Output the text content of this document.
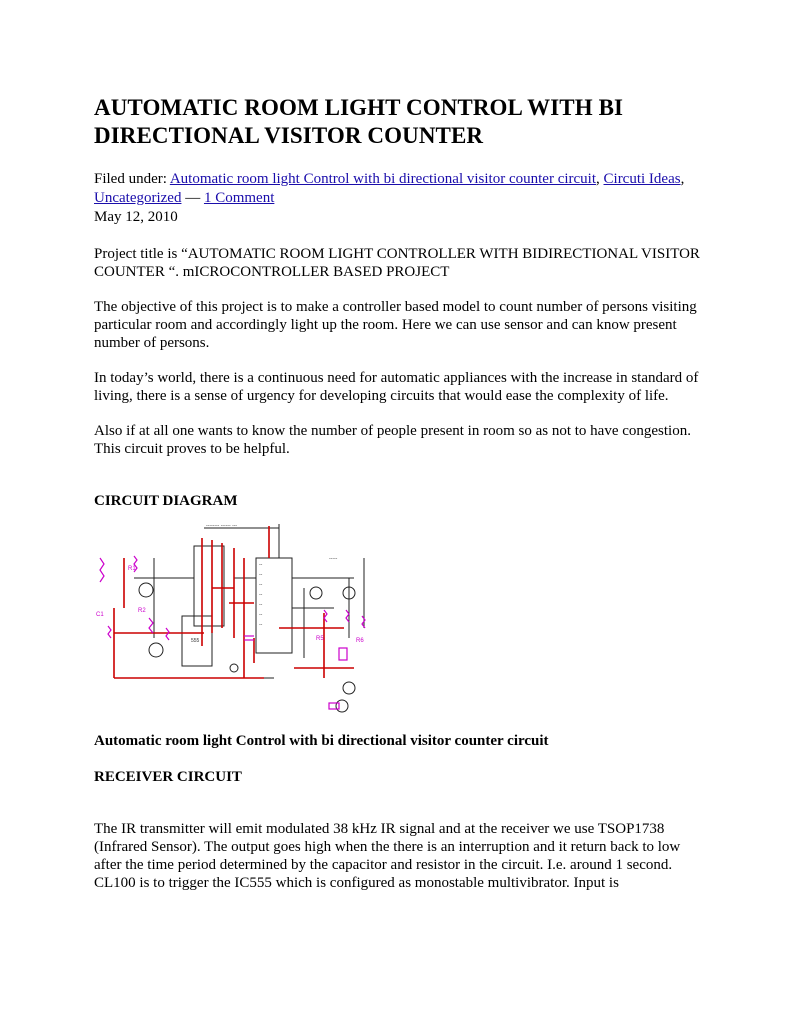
AUTOMATIC ROOM LIGHT CONTROL WITH BI DIRECTIONAL VISITOR COUNTER
Filed under: Automatic room light Control with bi directional visitor counter circuit, Circuti Ideas, Uncategorized — 1 Comment
May 12, 2010

Project title is “AUTOMATIC ROOM LIGHT CONTROLLER WITH BIDIRECTIONAL VISITOR COUNTER “. mICROCONTROLLER BASED PROJECT

The objective of this project is to make a controller based model to count number of persons visiting particular room and accordingly light up the room. Here we can use sensor and can know present number of persons.

In today’s world, there is a continuous need for automatic appliances with the increase in standard of living, there is a sense of urgency for developing circuits that would ease the complexity of life.

Also if at all one wants to know the number of people present in room so as not to have congestion. This circuit proves to be helpful.

CIRCUIT DIAGRAM
R1
R2
C1
R5	R6
-------- ------ ---
--
--
--
--
--
--
--
555
-----
Automatic room light Control with bi directional visitor counter circuit
RECEIVER CIRCUIT

The IR transmitter will emit modulated 38 kHz IR signal and at the receiver we use TSOP1738 (Infrared Sensor). The output goes high when the there is an interruption and it return back to low after the time period determined by the capacitor and resistor in the circuit. I.e. around 1 second. CL100 is to trigger the IC555 which is configured as monostable multivibrator. Input is
